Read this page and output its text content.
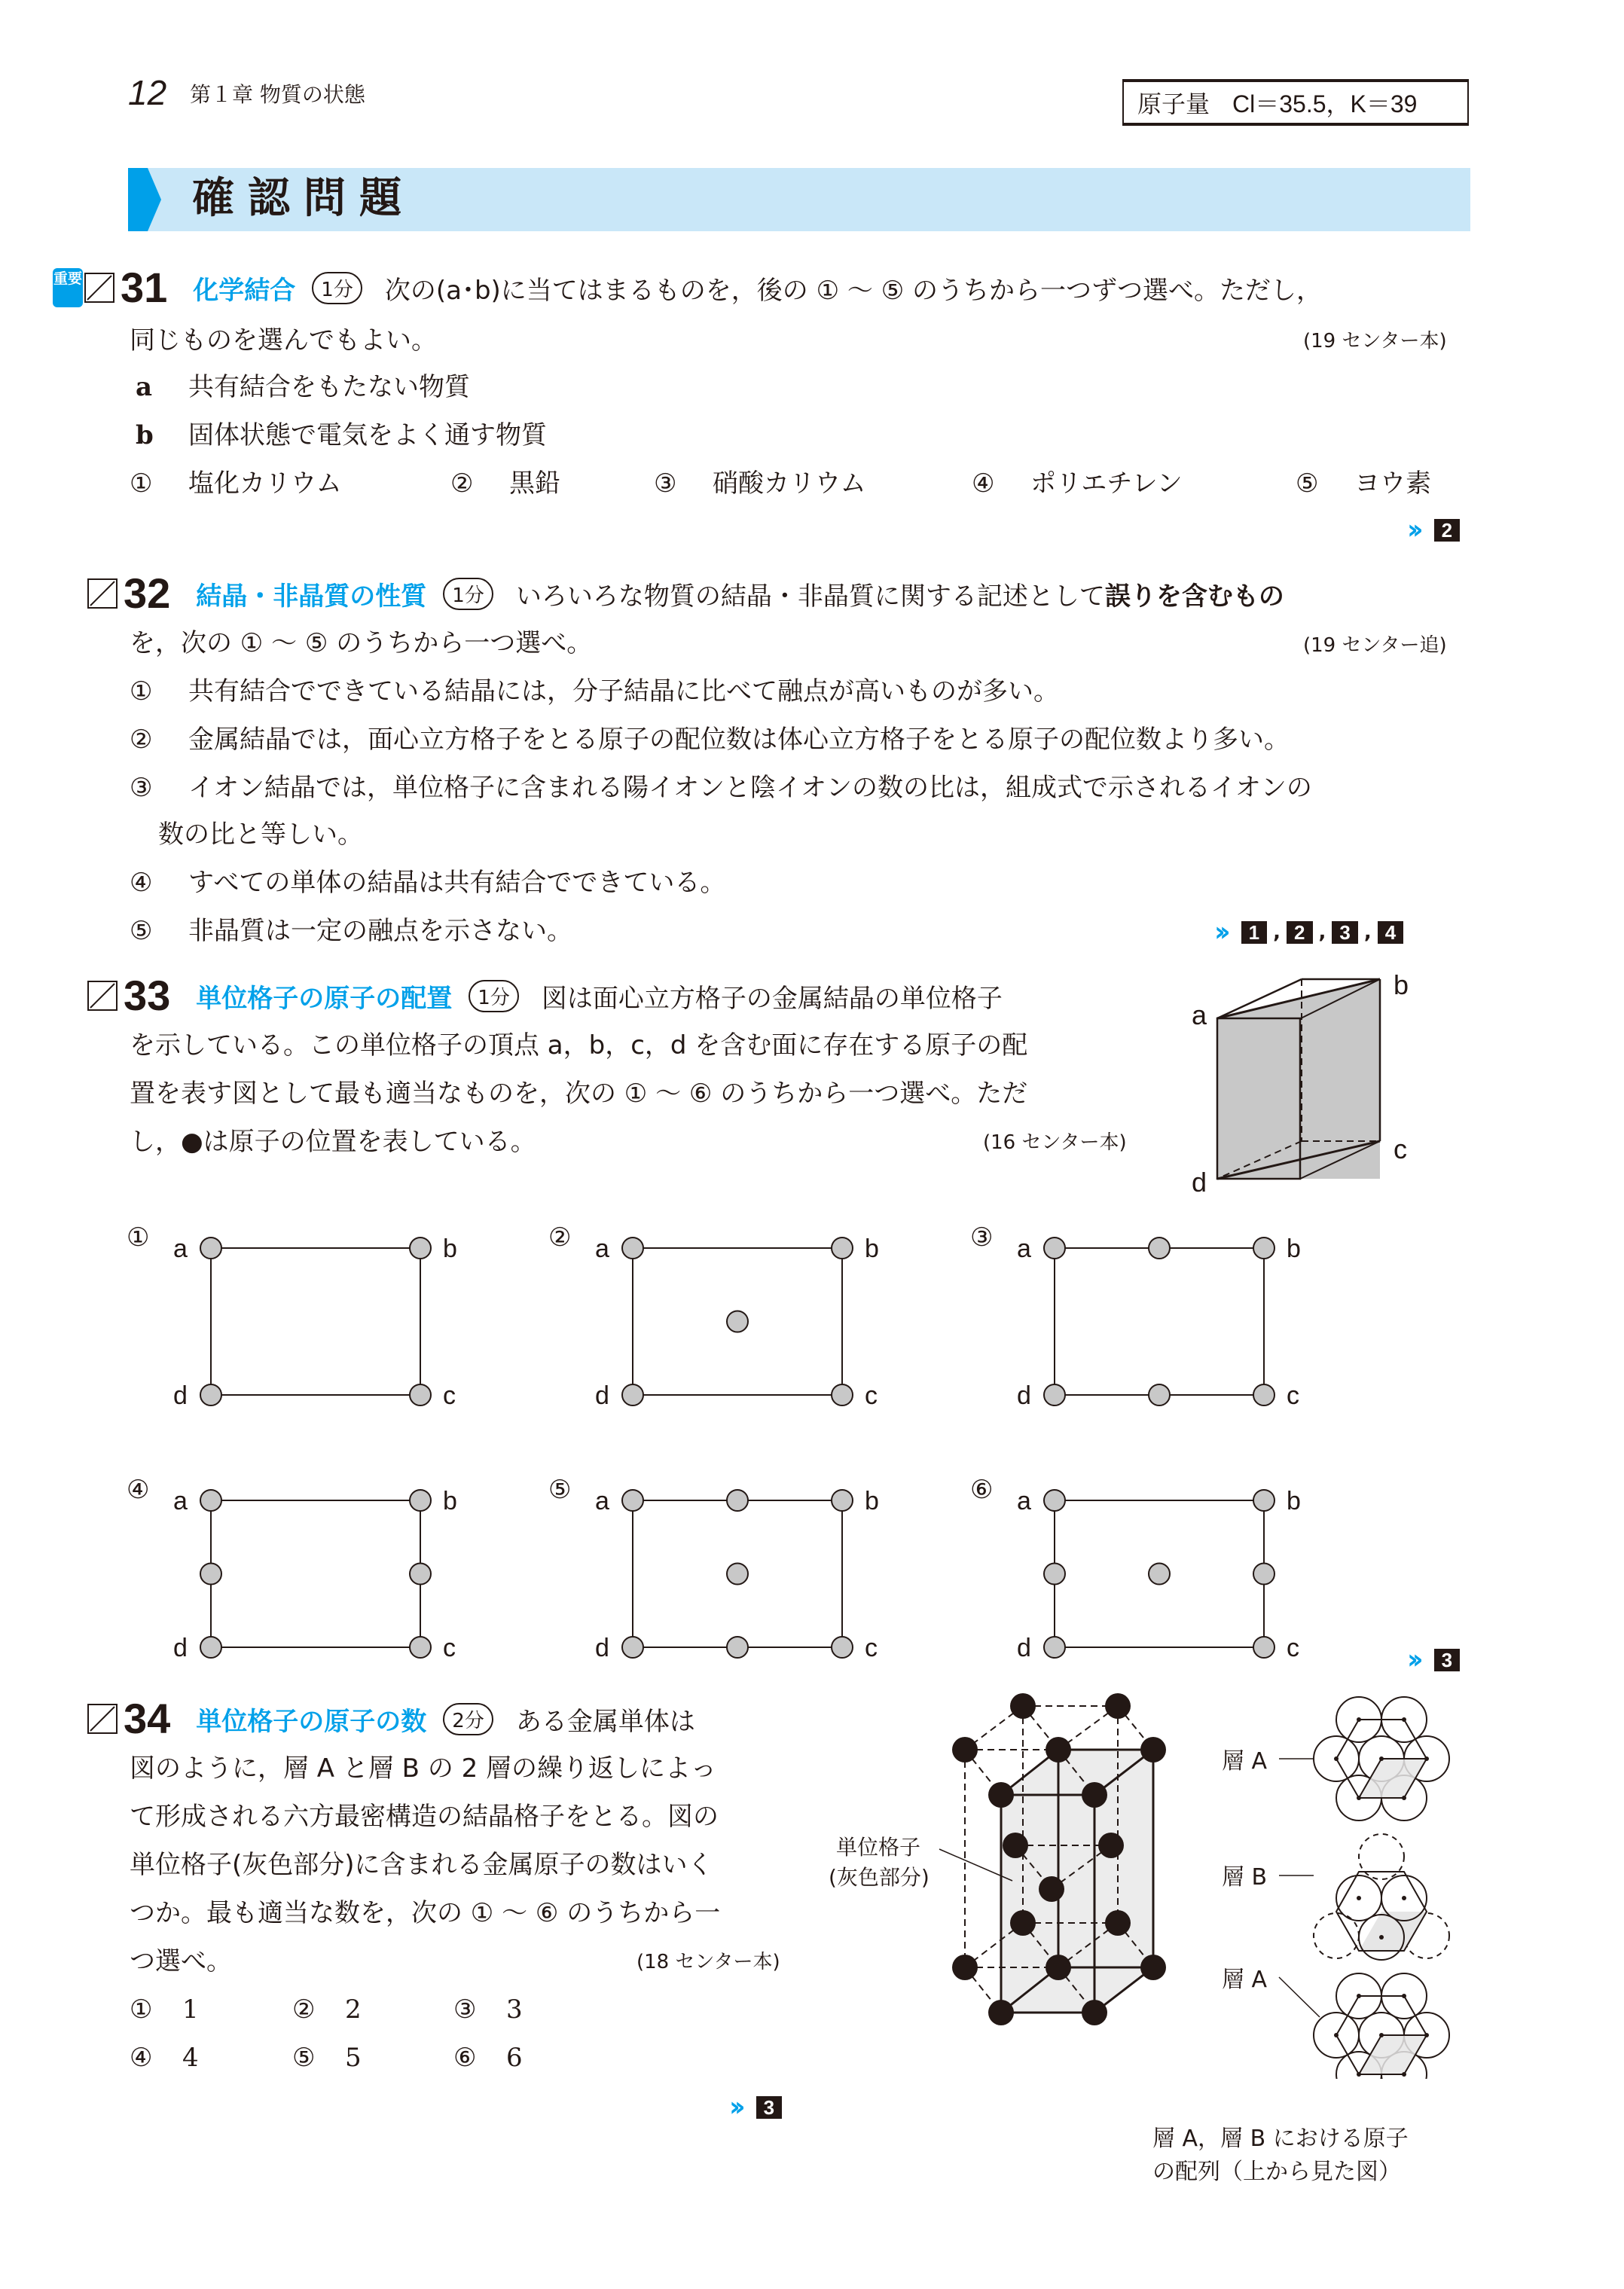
12 第１章 物質の状態	原子量 Cl＝35.5，K＝39
確認問題
重要 31 化学結合	1分	次の(a･b)に当てはまるものを，後の ① ～ ⑤ のうちから一つずつ選べ。ただし，
同じものを選んでもよい。	(19 センター本)
a 共有結合をもたない物質
b 固体状態で電気をよく通す物質
① 塩化カリウム	② 黒鉛	③ 硝酸カリウム	④ ポリエチレン	⑤ ヨウ素
››	2
32 結晶・非晶質の性質	1分	いろいろな物質の結晶・非晶質に関する記述として 誤りを含むもの
を，次の ① ～ ⑤ のうちから一つ選べ。	(19 センター追)
① 共有結合でできている結晶には，分子結晶に比べて融点が高いものが多い。
② 金属結晶では，面心立方格子をとる原子の配位数は体心立方格子をとる原子の配位数より多い。
③ イオン結晶では，単位格子に含まれる陽イオンと陰イオンの数の比は，組成式で示されるイオンの
数の比と等しい。
④ すべての単体の結晶は共有結合でできている。
⑤ 非晶質は一定の融点を示さない。	››	1 , 2 , 3 , 4
33 単位格子の原子の配置	1分	図は面心立方格子の金属結晶の単位格子
を示している。この単位格子の頂点 a，b，c，d を含む面に存在する原子の配
置を表す図として最も適当なものを，次の ① ～ ⑥ のうちから一つ選べ。ただ
し，●は原子の位置を表している。	(16 センター本)
a
b
c
d
① a	b
c
d
② a	b
c
d
③ a	b
c
d
④ a	b
c
d
⑤ a	b
c
d
⑥ a	b
c
d	››	3
34 単位格子の原子の数	2分	ある金属単体は
図のように，層 A と層 B の 2 層の繰り返しによっ
て形成される六方最密構造の結晶格子をとる。図の
単位格子(灰色部分)に含まれる金属原子の数はいく
つか。最も適当な数を，次の ① ～ ⑥ のうちから一
つ選べ。	(18 センター本)
① 1	② 2	③ 3
④ 4	⑤ 5	⑥ 6
››	3
単位格子
(灰色部分)
層 A
層 B
層 A
層 A，層 B における原子
の配列（上から見た図）
